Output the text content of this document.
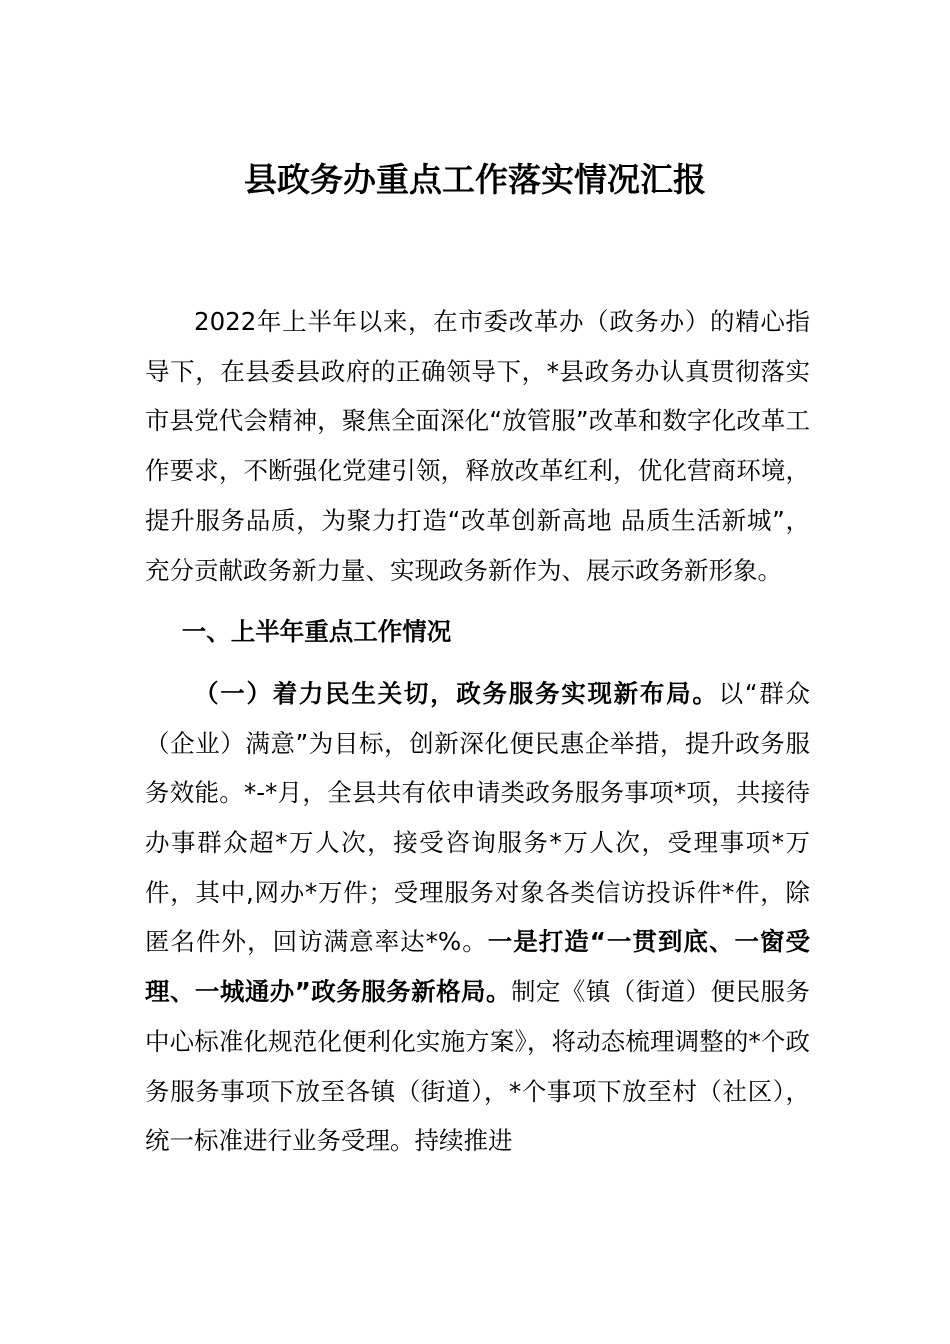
县政务办重点工作落实情况汇报

2022年上半年以来，在市委改革办（政务办）的精心指导下，在县委县政府的正确领导下，*县政务办认真贯彻落实市县党代会精神，聚焦全面深化“放管服”改革和数字化改革工作要求，不断强化党建引领，释放改革红利，优化营商环境，提升服务品质，为聚力打造“改革创新高地 品质生活新城”，充分贡献政务新力量、实现政务新作为、展示政务新形象。

一、上半年重点工作情况

（一）着力民生关切，政务服务实现新布局。以“群众（企业）满意”为目标，创新深化便民惠企举措，提升政务服务效能。*-*月，全县共有依申请类政务服务事项*项，共接待办事群众超*万人次，接受咨询服务*万人次，受理事项*万件，其中,网办*万件；受理服务对象各类信访投诉件*件，除匿名件外，回访满意率达*%。一是打造“一贯到底、一窗受理、一城通办”政务服务新格局。制定《镇（街道）便民服务中心标准化规范化便利化实施方案》，将动态梳理调整的*个政务服务事项下放至各镇（街道），*个事项下放至村（社区），统一标准进行业务受理。持续推进
